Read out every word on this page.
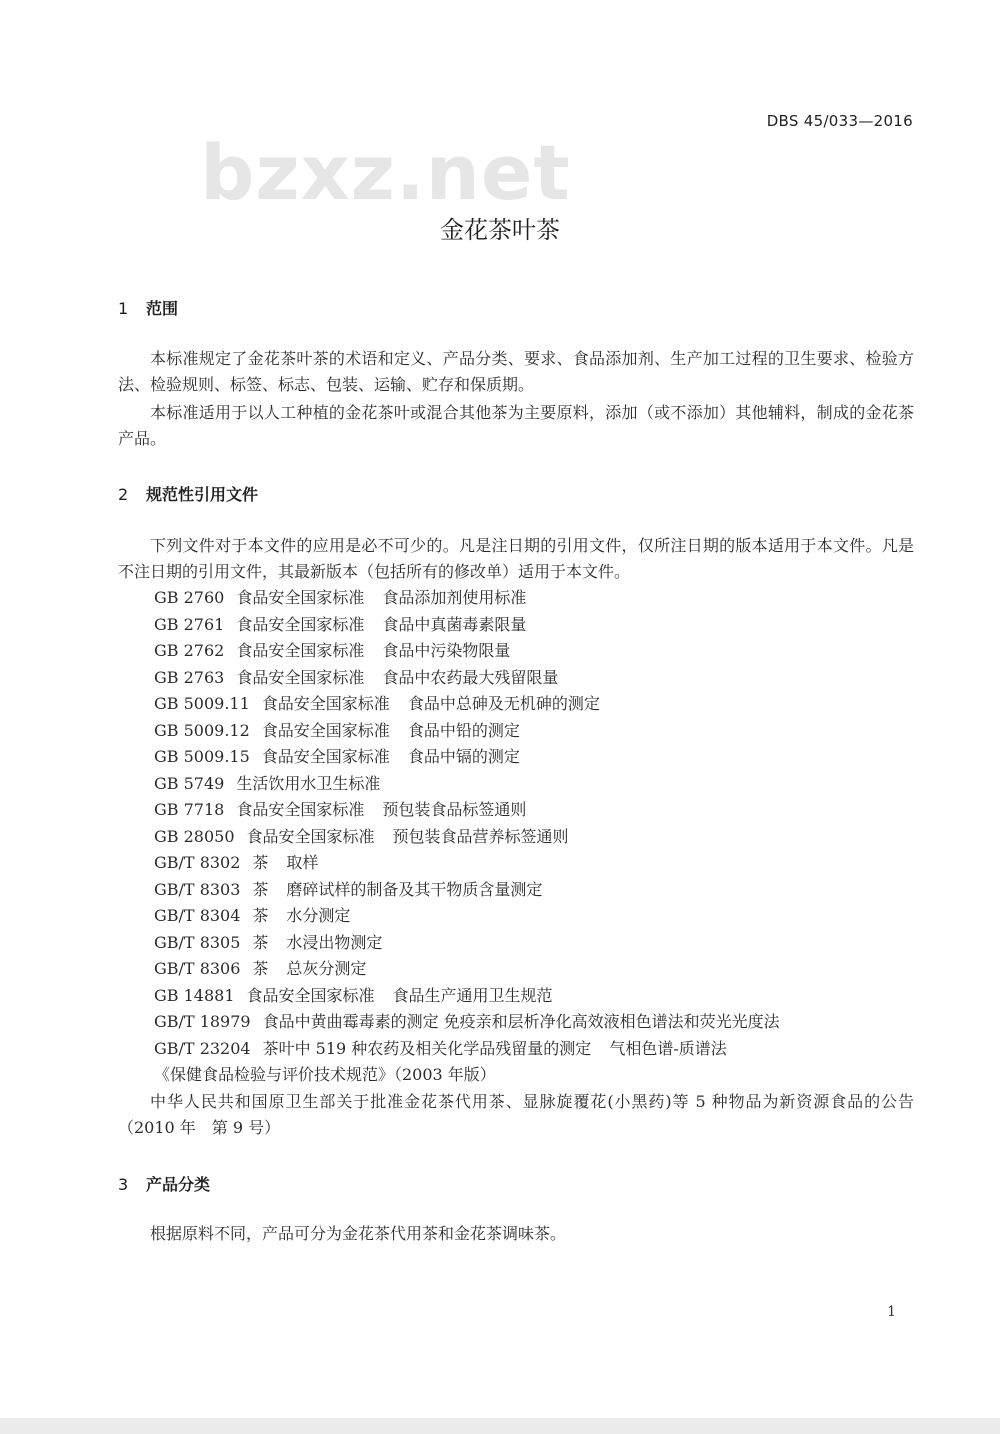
DBS 45/033—2016
bzxz.net
金花茶叶茶
1 范围

本标准规定了金花茶叶茶的术语和定义、产品分类、要求、食品添加剂、生产加工过程的卫生要求、检验方法、检验规则、标签、标志、包装、运输、贮存和保质期。

本标准适用于以人工种植的金花茶叶或混合其他茶为主要原料，添加（或不添加）其他辅料，制成的金花茶产品。

2 规范性引用文件

下列文件对于本文件的应用是必不可少的。凡是注日期的引用文件，仅所注日期的版本适用于本文件。凡是不注日期的引用文件，其最新版本（包括所有的修改单）适用于本文件。

GB 2760 食品安全国家标准 食品添加剂使用标准
GB 2761 食品安全国家标准 食品中真菌毒素限量
GB 2762 食品安全国家标准 食品中污染物限量
GB 2763 食品安全国家标准 食品中农药最大残留限量
GB 5009.11 食品安全国家标准 食品中总砷及无机砷的测定
GB 5009.12 食品安全国家标准 食品中铅的测定
GB 5009.15 食品安全国家标准 食品中镉的测定
GB 5749 生活饮用水卫生标准
GB 7718 食品安全国家标准 预包装食品标签通则
GB 28050 食品安全国家标准 预包装食品营养标签通则
GB/T 8302 茶 取样
GB/T 8303 茶 磨碎试样的制备及其干物质含量测定
GB/T 8304 茶 水分测定
GB/T 8305 茶 水浸出物测定
GB/T 8306 茶 总灰分测定
GB 14881 食品安全国家标准 食品生产通用卫生规范
GB/T 18979 食品中黄曲霉毒素的测定 免疫亲和层析净化高效液相色谱法和荧光光度法
GB/T 23204 茶叶中 519 种农药及相关化学品残留量的测定 气相色谱-质谱法
《保健食品检验与评价技术规范》（2003 年版）

中华人民共和国原卫生部关于批准金花茶代用茶、显脉旋覆花(小黑药)等 5 种物品为新资源食品的公告（2010 年　第 9 号）

3 产品分类

根据原料不同，产品可分为金花茶代用茶和金花茶调味茶。

1
